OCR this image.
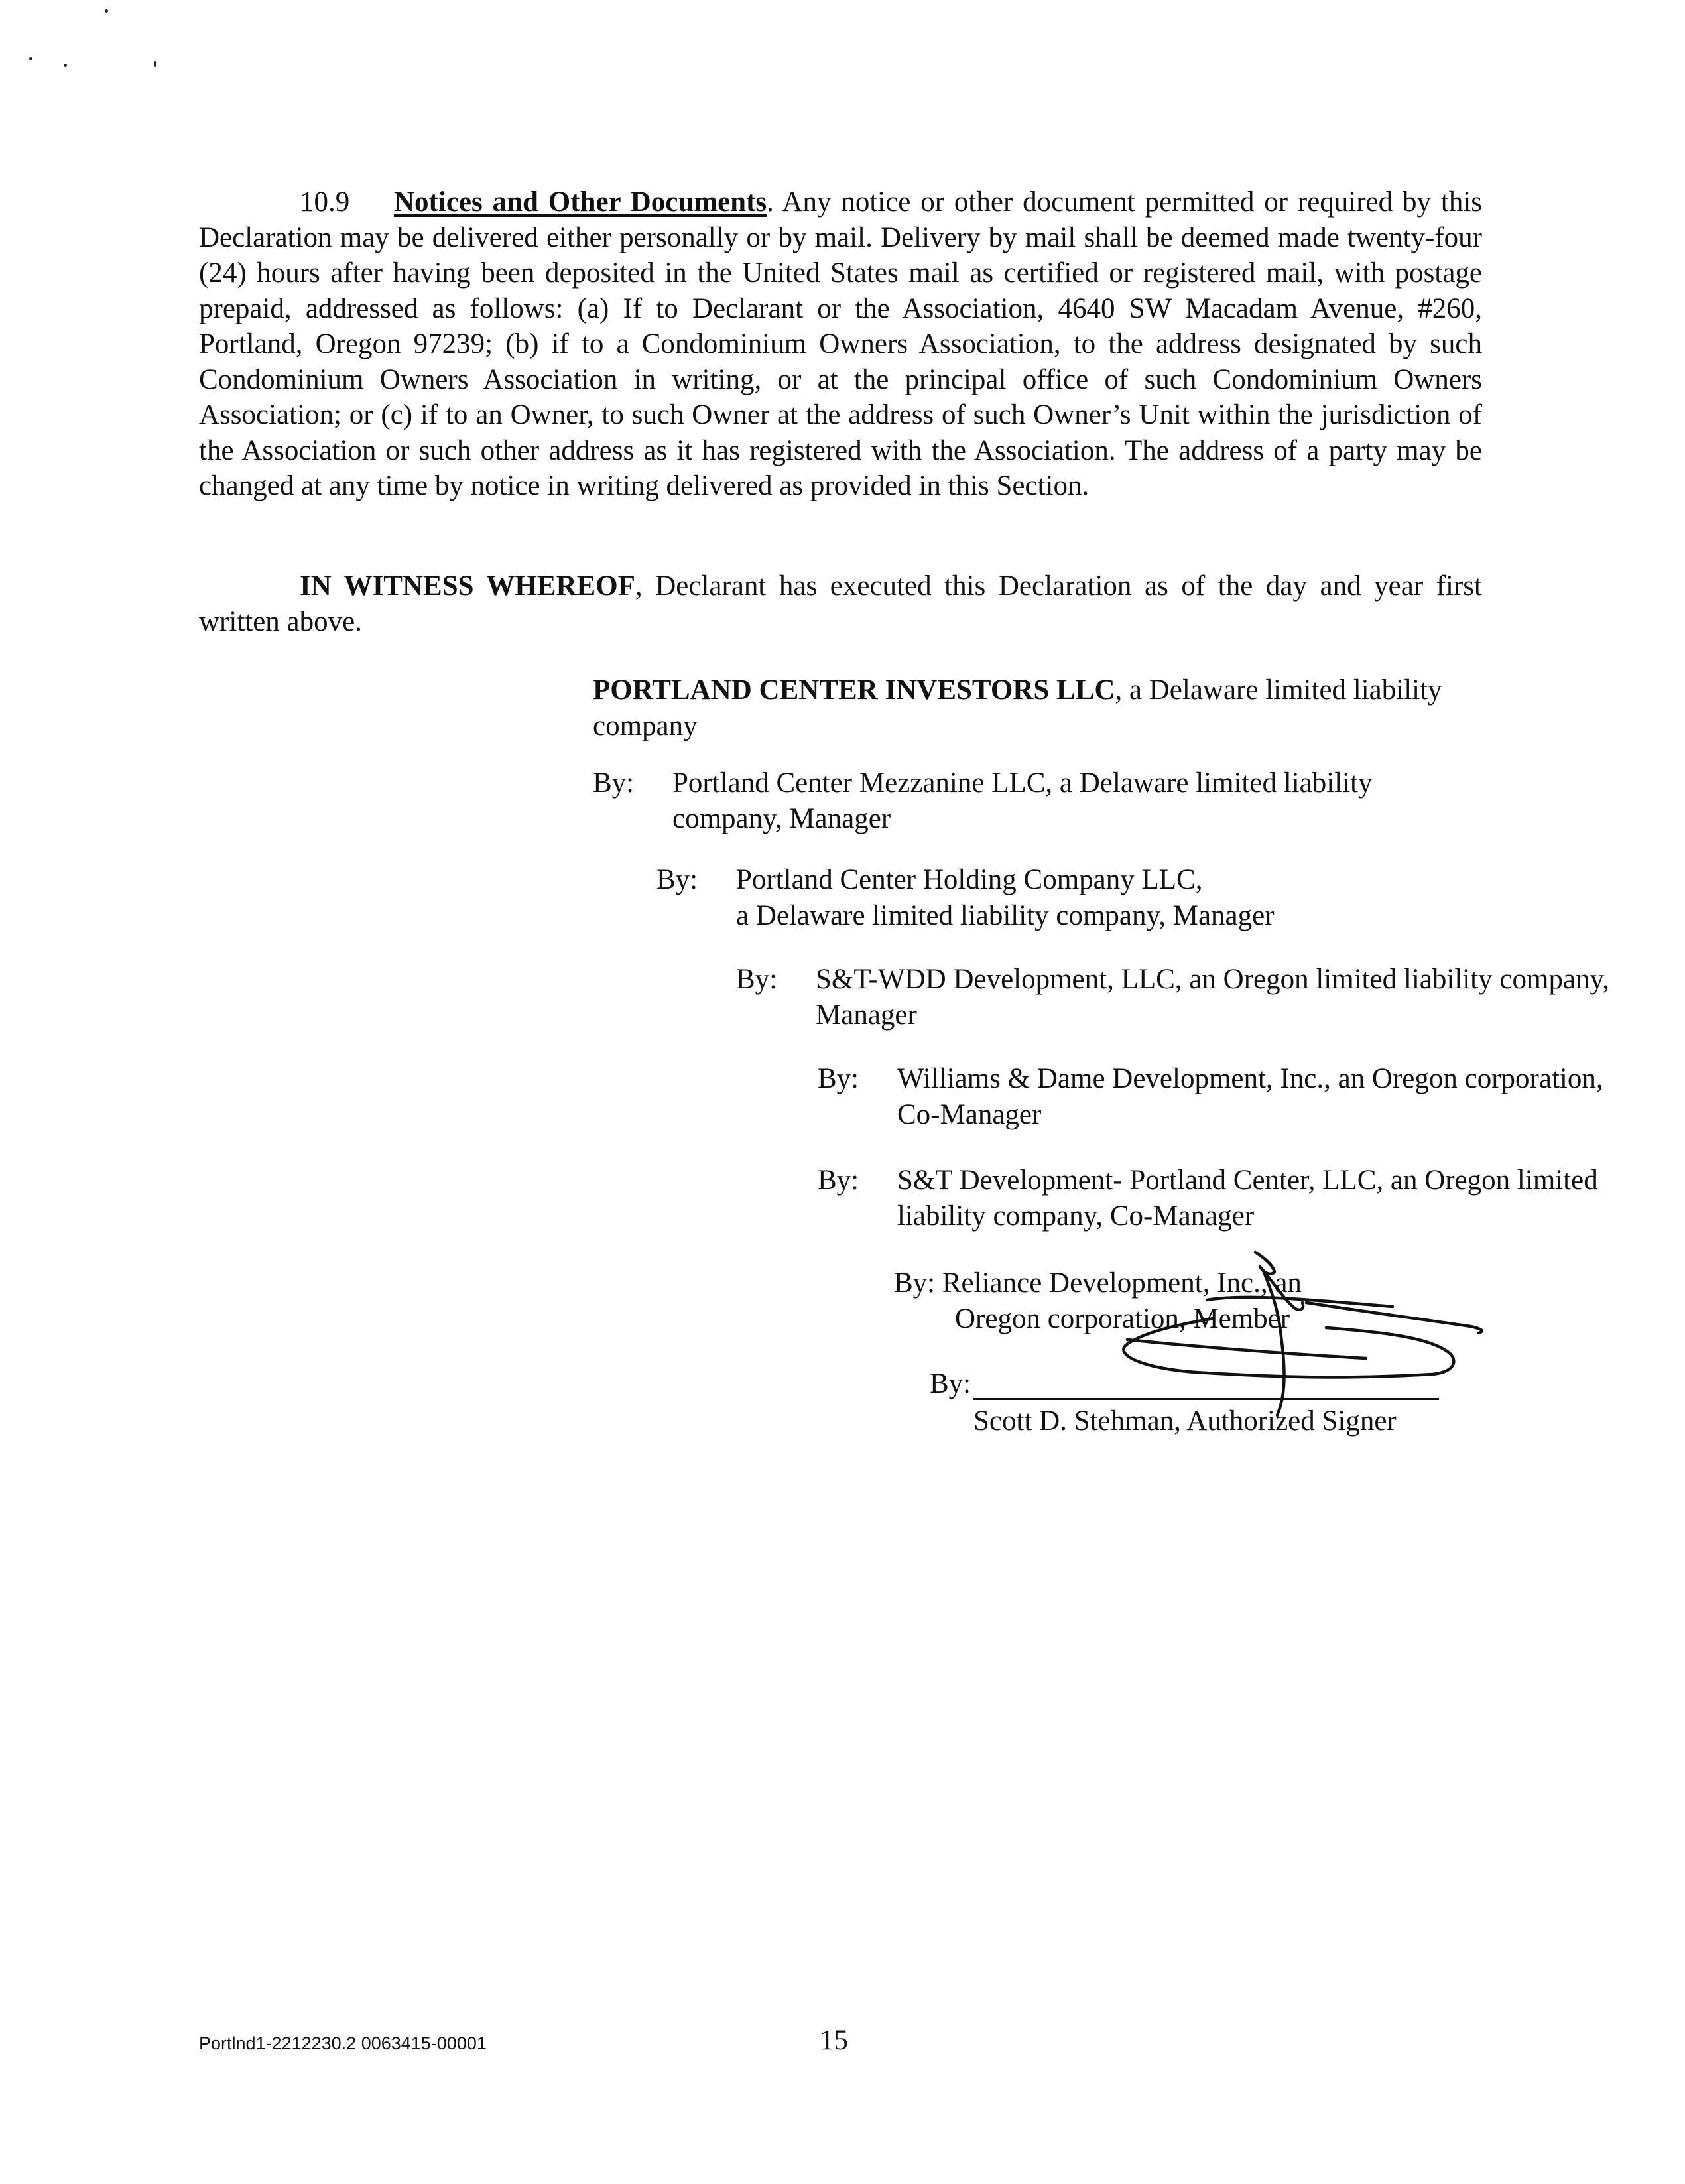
10.9 Notices and Other Documents. Any notice or other document permitted or required by this Declaration may be delivered either personally or by mail. Delivery by mail shall be deemed made twenty-four (24) hours after having been deposited in the United States mail as certified or registered mail, with postage prepaid, addressed as follows: (a) If to Declarant or the Association, 4640 SW Macadam Avenue, #260, Portland, Oregon 97239; (b) if to a Condominium Owners Association, to the address designated by such Condominium Owners Association in writing, or at the principal office of such Condominium Owners Association; or (c) if to an Owner, to such Owner at the address of such Owner’s Unit within the jurisdiction of the Association or such other address as it has registered with the Association. The address of a party may be changed at any time by notice in writing delivered as provided in this Section.
IN WITNESS WHEREOF, Declarant has executed this Declaration as of the day and year first written above.
PORTLAND CENTER INVESTORS LLC, a Delaware limited liability company
By: Portland Center Mezzanine LLC, a Delaware limited liability company, Manager
By: Portland Center Holding Company LLC,
a Delaware limited liability company, Manager
By: S&T-WDD Development, LLC, an Oregon limited liability company, Manager
By: Williams & Dame Development, Inc., an Oregon corporation, Co-Manager
By: S&T Development- Portland Center, LLC, an Oregon limited liability company, Co-Manager
By: Reliance Development, Inc., an
Oregon corporation, Member
By:
Scott D. Stehman, Authorized Signer
Portlnd1-2212230.2 0063415-00001	15
